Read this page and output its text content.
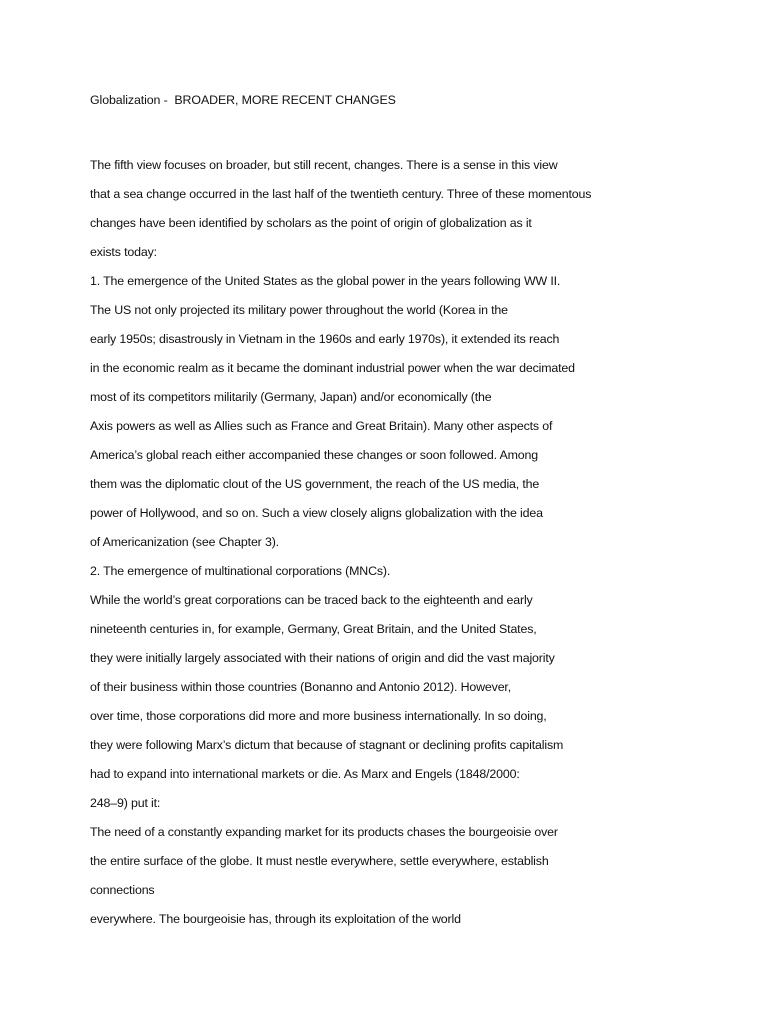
Globalization -  BROADER, MORE RECENT CHANGES
The fifth view focuses on broader, but still recent, changes. There is a sense in this view
that a sea change occurred in the last half of the twentieth century. Three of these momentous
changes have been identified by scholars as the point of origin of globalization as it
exists today:
1. The emergence of the United States as the global power in the years following WW II.
The US not only projected its military power throughout the world (Korea in the
early 1950s; disastrously in Vietnam in the 1960s and early 1970s), it extended its reach
in the economic realm as it became the dominant industrial power when the war decimated
most of its competitors militarily (Germany, Japan) and/or economically (the
Axis powers as well as Allies such as France and Great Britain). Many other aspects of
America’s global reach either accompanied these changes or soon followed. Among
them was the diplomatic clout of the US government, the reach of the US media, the
power of Hollywood, and so on. Such a view closely aligns globalization with the idea
of Americanization (see Chapter 3).
2. The emergence of multinational corporations (MNCs).
While the world’s great corporations can be traced back to the eighteenth and early
nineteenth centuries in, for example, Germany, Great Britain, and the United States,
they were initially largely associated with their nations of origin and did the vast majority
of their business within those countries (Bonanno and Antonio 2012). However,
over time, those corporations did more and more business internationally. In so doing,
they were following Marx’s dictum that because of stagnant or declining profits capitalism
had to expand into international markets or die. As Marx and Engels (1848/2000:
248–9) put it:
The need of a constantly expanding market for its products chases the bourgeoisie over
the entire surface of the globe. It must nestle everywhere, settle everywhere, establish
connections
everywhere. The bourgeoisie has, through its exploitation of the world
